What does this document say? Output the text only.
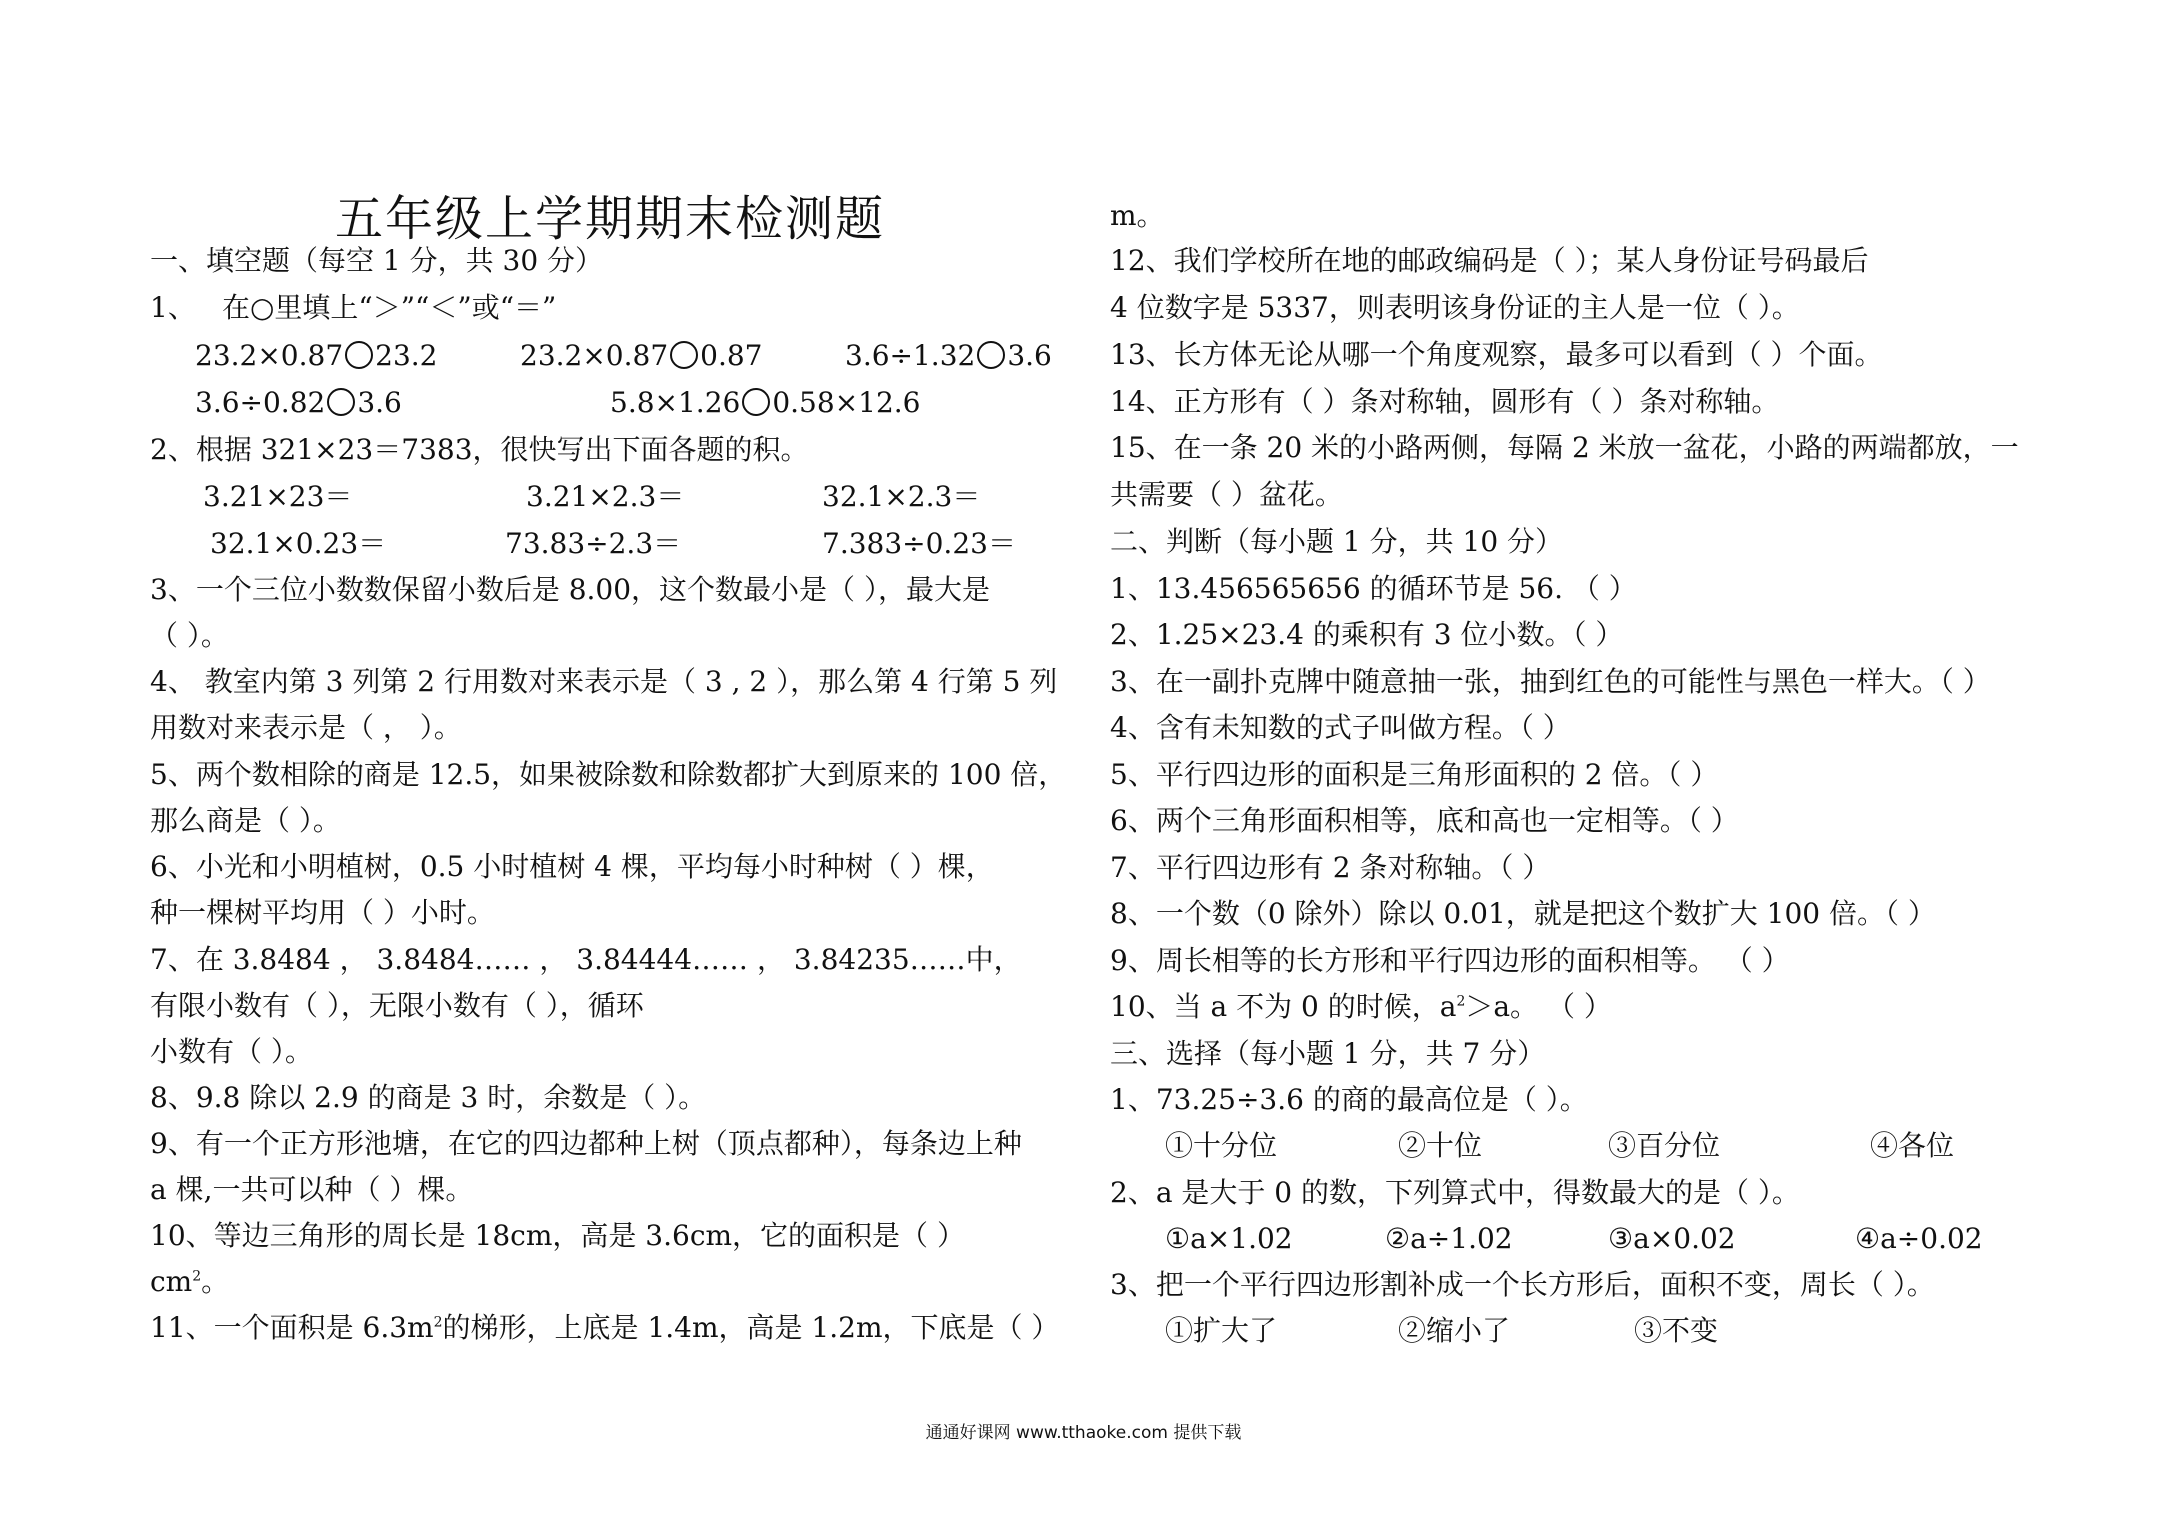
五年级上学期期末检测题
一、填空题（每空 1 分，共 30 分）
1、 在○里填上“＞”“＜”或“＝”
23.2×0.87 23.2	23.2×0.87 0.87	3.6÷1.32 3.6
3.6÷0.82 3.6	5.8×1.26 0.58×12.6
2、根据 321×23＝7383，很快写出下面各题的积。
3.21×23＝	3.21×2.3＝	32.1×2.3＝
32.1×0.23＝	73.83÷2.3＝	7.383÷0.23＝
3、一个三位小数数保留小数后是 8.00，这个数最小是（ ），最大是
（ ）。
4、 教室内第 3 列第 2 行用数对来表示是（ 3 , 2 ），那么第 4 行第 5 列
用数对来表示是（ ， ）。
5、两个数相除的商是 12.5，如果被除数和除数都扩大到原来的 100 倍，
那么商是（ ）。
6、小光和小明植树，0.5 小时植树 4 棵，平均每小时种树（ ）棵，
种一棵树平均用（ ）小时。
7、在 3.8484 ， 3.8484…… ， 3.84444…… ， 3.84235……中，
有限小数有（ ），无限小数有（ ），循环
小数有（ ）。
8、9.8 除以 2.9 的商是 3 时，余数是（ ）。
9、有一个正方形池塘，在它的四边都种上树（顶点都种），每条边上种
a 棵,一共可以种（ ）棵。
10、等边三角形的周长是 18cm，高是 3.6cm，它的面积是（ ）
$cm^2$。
11、一个面积是 $6.3m^2$的梯形，上底是 1.4m，高是 1.2m，下底是（ ）
m。
12、我们学校所在地的邮政编码是（ ）；某人身份证号码最后
4 位数字是 5337，则表明该身份证的主人是一位（ ）。
13、长方体无论从哪一个角度观察，最多可以看到（ ）个面。
14、正方形有（ ）条对称轴，圆形有（ ）条对称轴。
15、在一条 20 米的小路两侧，每隔 2 米放一盆花，小路的两端都放，一
共需要（ ）盆花。
二、判断（每小题 1 分，共 10 分）
1、13.456565656 的循环节是 56. （ ）
2、1.25×23.4 的乘积有 3 位小数。（ ）
3、在一副扑克牌中随意抽一张，抽到红色的可能性与黑色一样大。（ ）
4、含有未知数的式子叫做方程。（ ）
5、平行四边形的面积是三角形面积的 2 倍。（ ）
6、两个三角形面积相等，底和高也一定相等。（ ）
7、平行四边形有 2 条对称轴。（ ）
8、一个数（0 除外）除以 0.01，就是把这个数扩大 100 倍。（ ）
9、周长相等的长方形和平行四边形的面积相等。 （ ）
10、当 a 不为 0 的时候，$a^2>a$。 （ ）
三、选择（每小题 1 分，共 7 分）
1、73.25÷3.6 的商的最高位是（ ）。
①十分位	②十位	③百分位	④各位
2、a 是大于 0 的数，下列算式中，得数最大的是（ ）。
①a×1.02	②a÷1.02	③a×0.02	④a÷0.02
3、把一个平行四边形割补成一个长方形后，面积不变，周长（ ）。
①扩大了	②缩小了	③不变
通通好课网 www.tthaoke.com 提供下载
